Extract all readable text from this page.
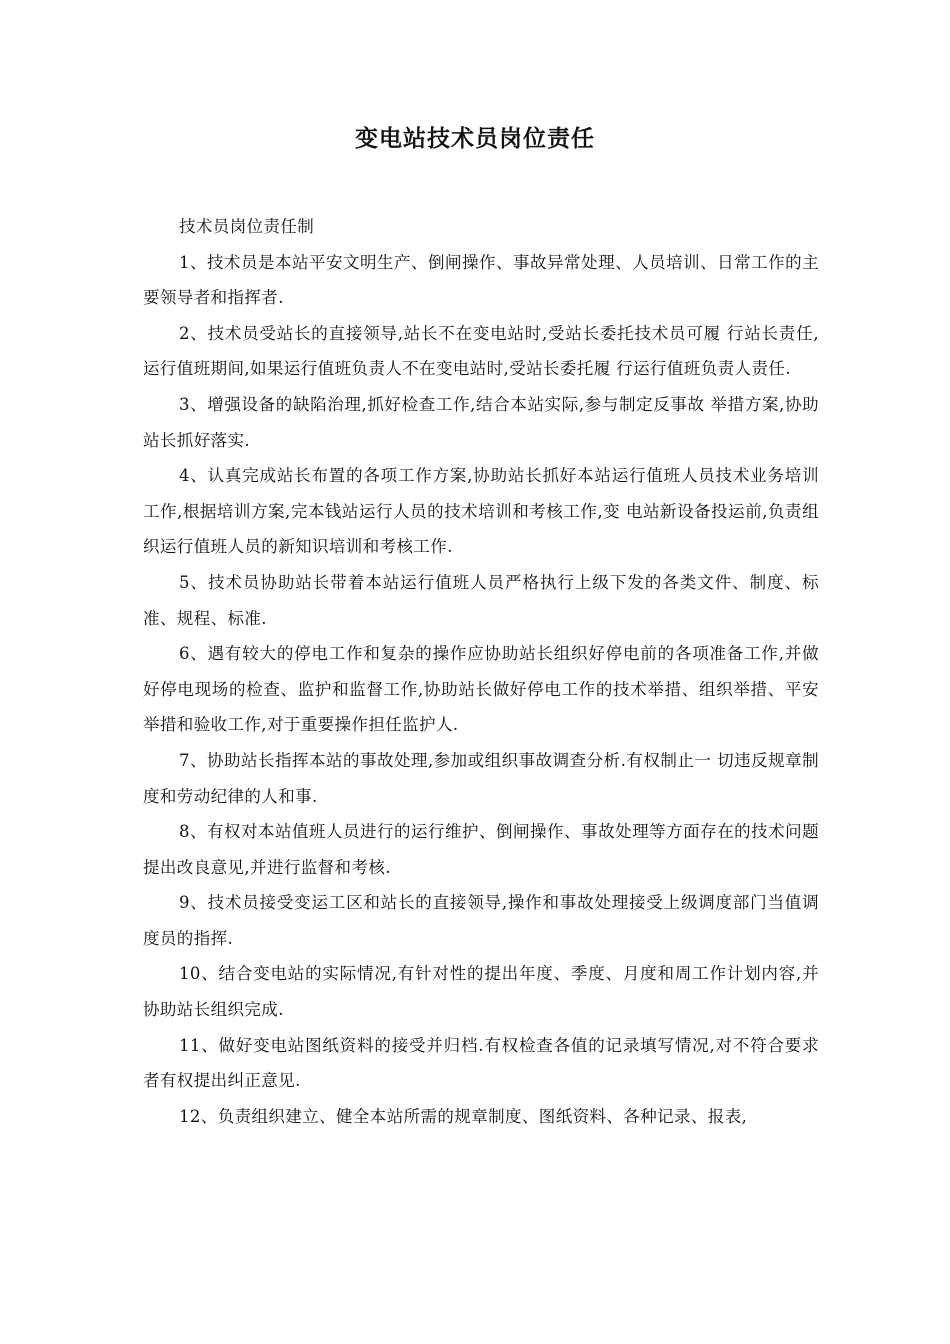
变电站技术员岗位责任

技术员岗位责任制

1、技术员是本站平安文明生产、倒闸操作、事故异常处理、人员培训、日常工作的主要领导者和指挥者.

2、技术员受站长的直接领导,站长不在变电站时,受站长委托技术员可履 行站长责任,运行值班期间,如果运行值班负责人不在变电站时,受站长委托履 行运行值班负责人责任.

3、增强设备的缺陷治理,抓好检查工作,结合本站实际,参与制定反事故 举措方案,协助站长抓好落实.

4、认真完成站长布置的各项工作方案,协助站长抓好本站运行值班人员技术业务培训工作,根据培训方案,完本钱站运行人员的技术培训和考核工作,变 电站新设备投运前,负责组织运行值班人员的新知识培训和考核工作.

5、技术员协助站长带着本站运行值班人员严格执行上级下发的各类文件、制度、标准、规程、标准.

6、遇有较大的停电工作和复杂的操作应协助站长组织好停电前的各项准备工作,并做好停电现场的检查、监护和监督工作,协助站长做好停电工作的技术举措、组织举措、平安举措和验收工作,对于重要操作担任监护人.

7、协助站长指挥本站的事故处理,参加或组织事故调查分析.有权制止一 切违反规章制度和劳动纪律的人和事.

8、有权对本站值班人员进行的运行维护、倒闸操作、事故处理等方面存在的技术问题提出改良意见,并进行监督和考核.

9、技术员接受变运工区和站长的直接领导,操作和事故处理接受上级调度部门当值调度员的指挥.

10、结合变电站的实际情况,有针对性的提出年度、季度、月度和周工作计划内容,并协助站长组织完成.

11、做好变电站图纸资料的接受并归档.有权检查各值的记录填写情况,对不符合要求者有权提出纠正意见.

12、负责组织建立、健全本站所需的规章制度、图纸资料、各种记录、报表,
